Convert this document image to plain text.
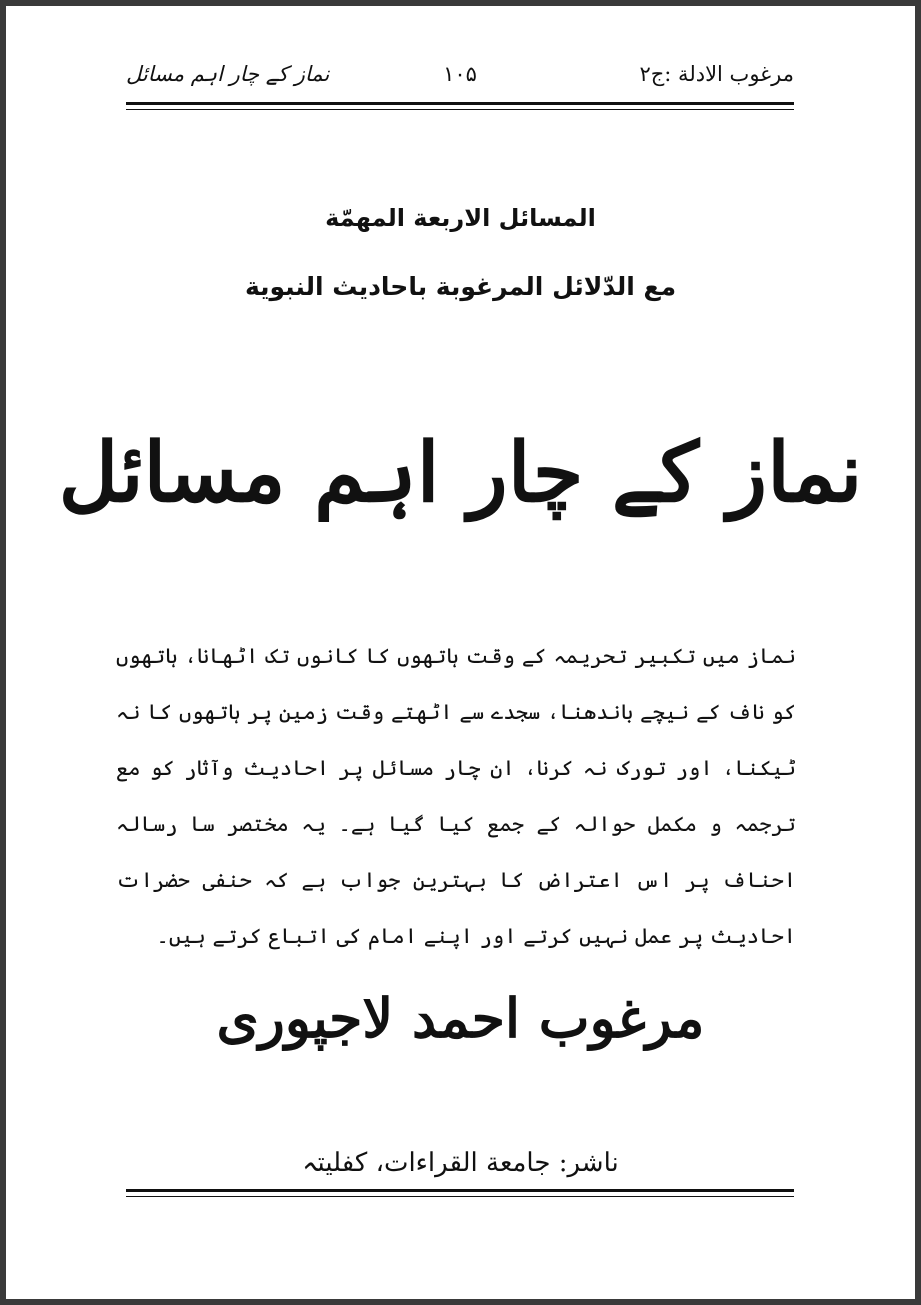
مرغوب الادلة :ج۲
۱۰۵
نماز کے چار اہم مسائل
المسائل الاربعة المهمّة
مع الدّلائل المرغوبة باحاديث النبوية
نماز کے چار اہم مسائل
نماز میں تکبیر تحریمہ کے وقت ہاتھوں کا کانوں تک اٹھانا، ہاتھوں کو ناف کے نیچے باندھنا، سجدے سے اٹھتے وقت زمین پر ہاتھوں کا نہ ٹیکنا، اور تورک نہ کرنا، ان چار مسائل پر احادیث وآثار کو مع ترجمہ و مکمل حوالہ کے جمع کیا گیا ہے۔ یہ مختصر سا رسالہ احناف پر اس اعتراض کا بہترین جواب ہے کہ حنفی حضرات احادیث پر عمل نہیں کرتے اور اپنے امام کی اتباع کرتے ہیں۔
مرغوب احمد لاجپوری
ناشر: جامعة القراءات، کفلیتہ
